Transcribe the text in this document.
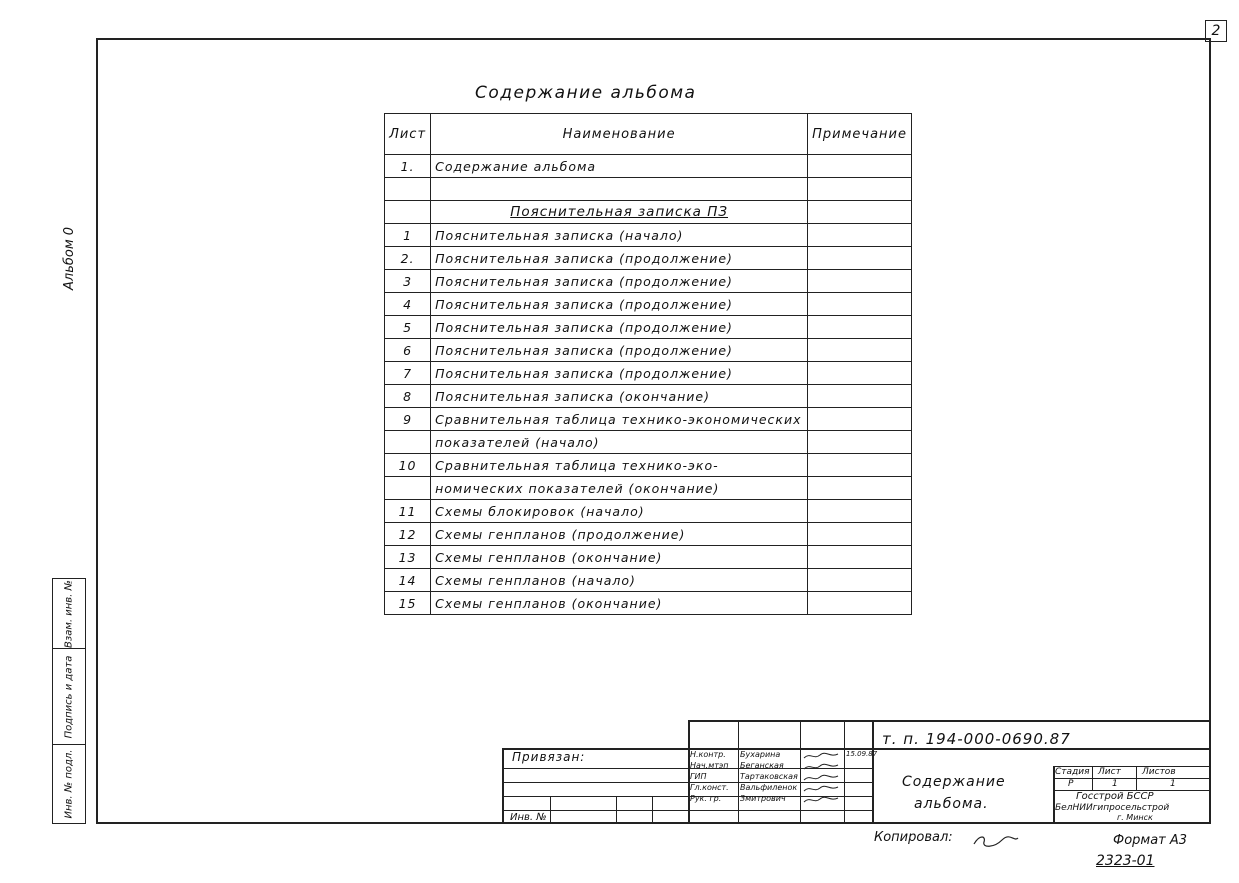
2
Альбом 0
Содержание альбома
Лист	Наименование	Примечание
1.	Содержание альбома	

	Пояснительная записка ПЗ	
1	Пояснительная записка (начало)	
2.	Пояснительная записка (продолжение)	
3	Пояснительная записка (продолжение)	
4	Пояснительная записка (продолжение)	
5	Пояснительная записка (продолжение)	
6	Пояснительная записка (продолжение)	
7	Пояснительная записка (продолжение)	
8	Пояснительная записка (окончание)	
9	Сравнительная таблица технико-экономических	
	показателей (начало)	
10	Сравнительная таблица технико-эко-	
	номических показателей (окончание)	
11	Схемы блокировок (начало)	
12	Схемы генпланов (продолжение)	
13	Схемы генпланов (окончание)	
14	Схемы генпланов (начало)	
15	Схемы генпланов (окончание)	
Взам. инв. №
Подпись и дата
Инв. № подл.	Привязан:
Инв. №
Н.контр. Бухарина
Нач.мтэп Беганская
ГИП	Тартаковская
Гл.конст. Вальфиленок
Рук. гр. Змитрович
15.09.87
т. п. 194-000-0690.87
Содержание
альбома.
Стадия Лист Листов
Р	1	1
Госстрой БССР
БелНИИгипросельстрой
г. Минск
Копировал:	Формат А3
2323-01
